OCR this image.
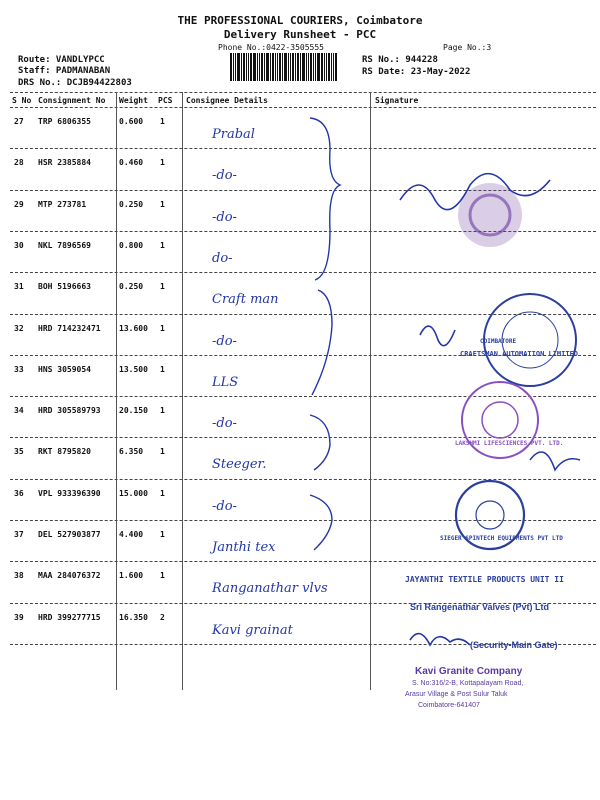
THE PROFESSIONAL COURIERS, Coimbatore
Delivery Runsheet - PCC
Phone No.:0422-3505555	Page No.:3
Route: VANDLYPCC
Staff: PADMANABAN
DRS No.: DCJB94422803
RS No.: 944228
RS Date: 23-May-2022
S No Consignment No Weight PCS Consignee Details	Signature
27 TRP 6806355	0.600 1
Prabal
28 HSR 2385884	0.460 1
-do-
29 MTP 273781	0.250 1
-do-
30 NKL 7896569	0.800 1
do-
31 BOH 5196663	0.250 1
Craft man
32 HRD 714232471 13.600 1
-do-
33 HNS 3059054	13.500 1
LLS
34 HRD 305589793 20.150 1
-do-
35 RKT 8795820	6.350 1
Steeger.
36 VPL 933396390 15.000 1
-do-
37 DEL 527903877 4.400 1
Janthi tex
38 MAA 284076372 1.600 1
Ranganathar vlvs
39 HRD 399277715 16.350 2
Kavi grainat
CRAFTSMAN AUTOMATION LIMITED
COIMBATORE
LAKSHMI LIFESCIENCES PVT. LTD.
SIEGER SPINTECH EQUIPMENTS PVT LTD
JAYANTHI TEXTILE PRODUCTS UNIT II
Sri Rangenathar Valves (Pvt) Ltd
(Security-Main Gate)
Kavi Granite Company
S. No:316/2-B, Kottapalayam Road,
Arasur Village & Post Sulur Taluk
Coimbatore-641407
